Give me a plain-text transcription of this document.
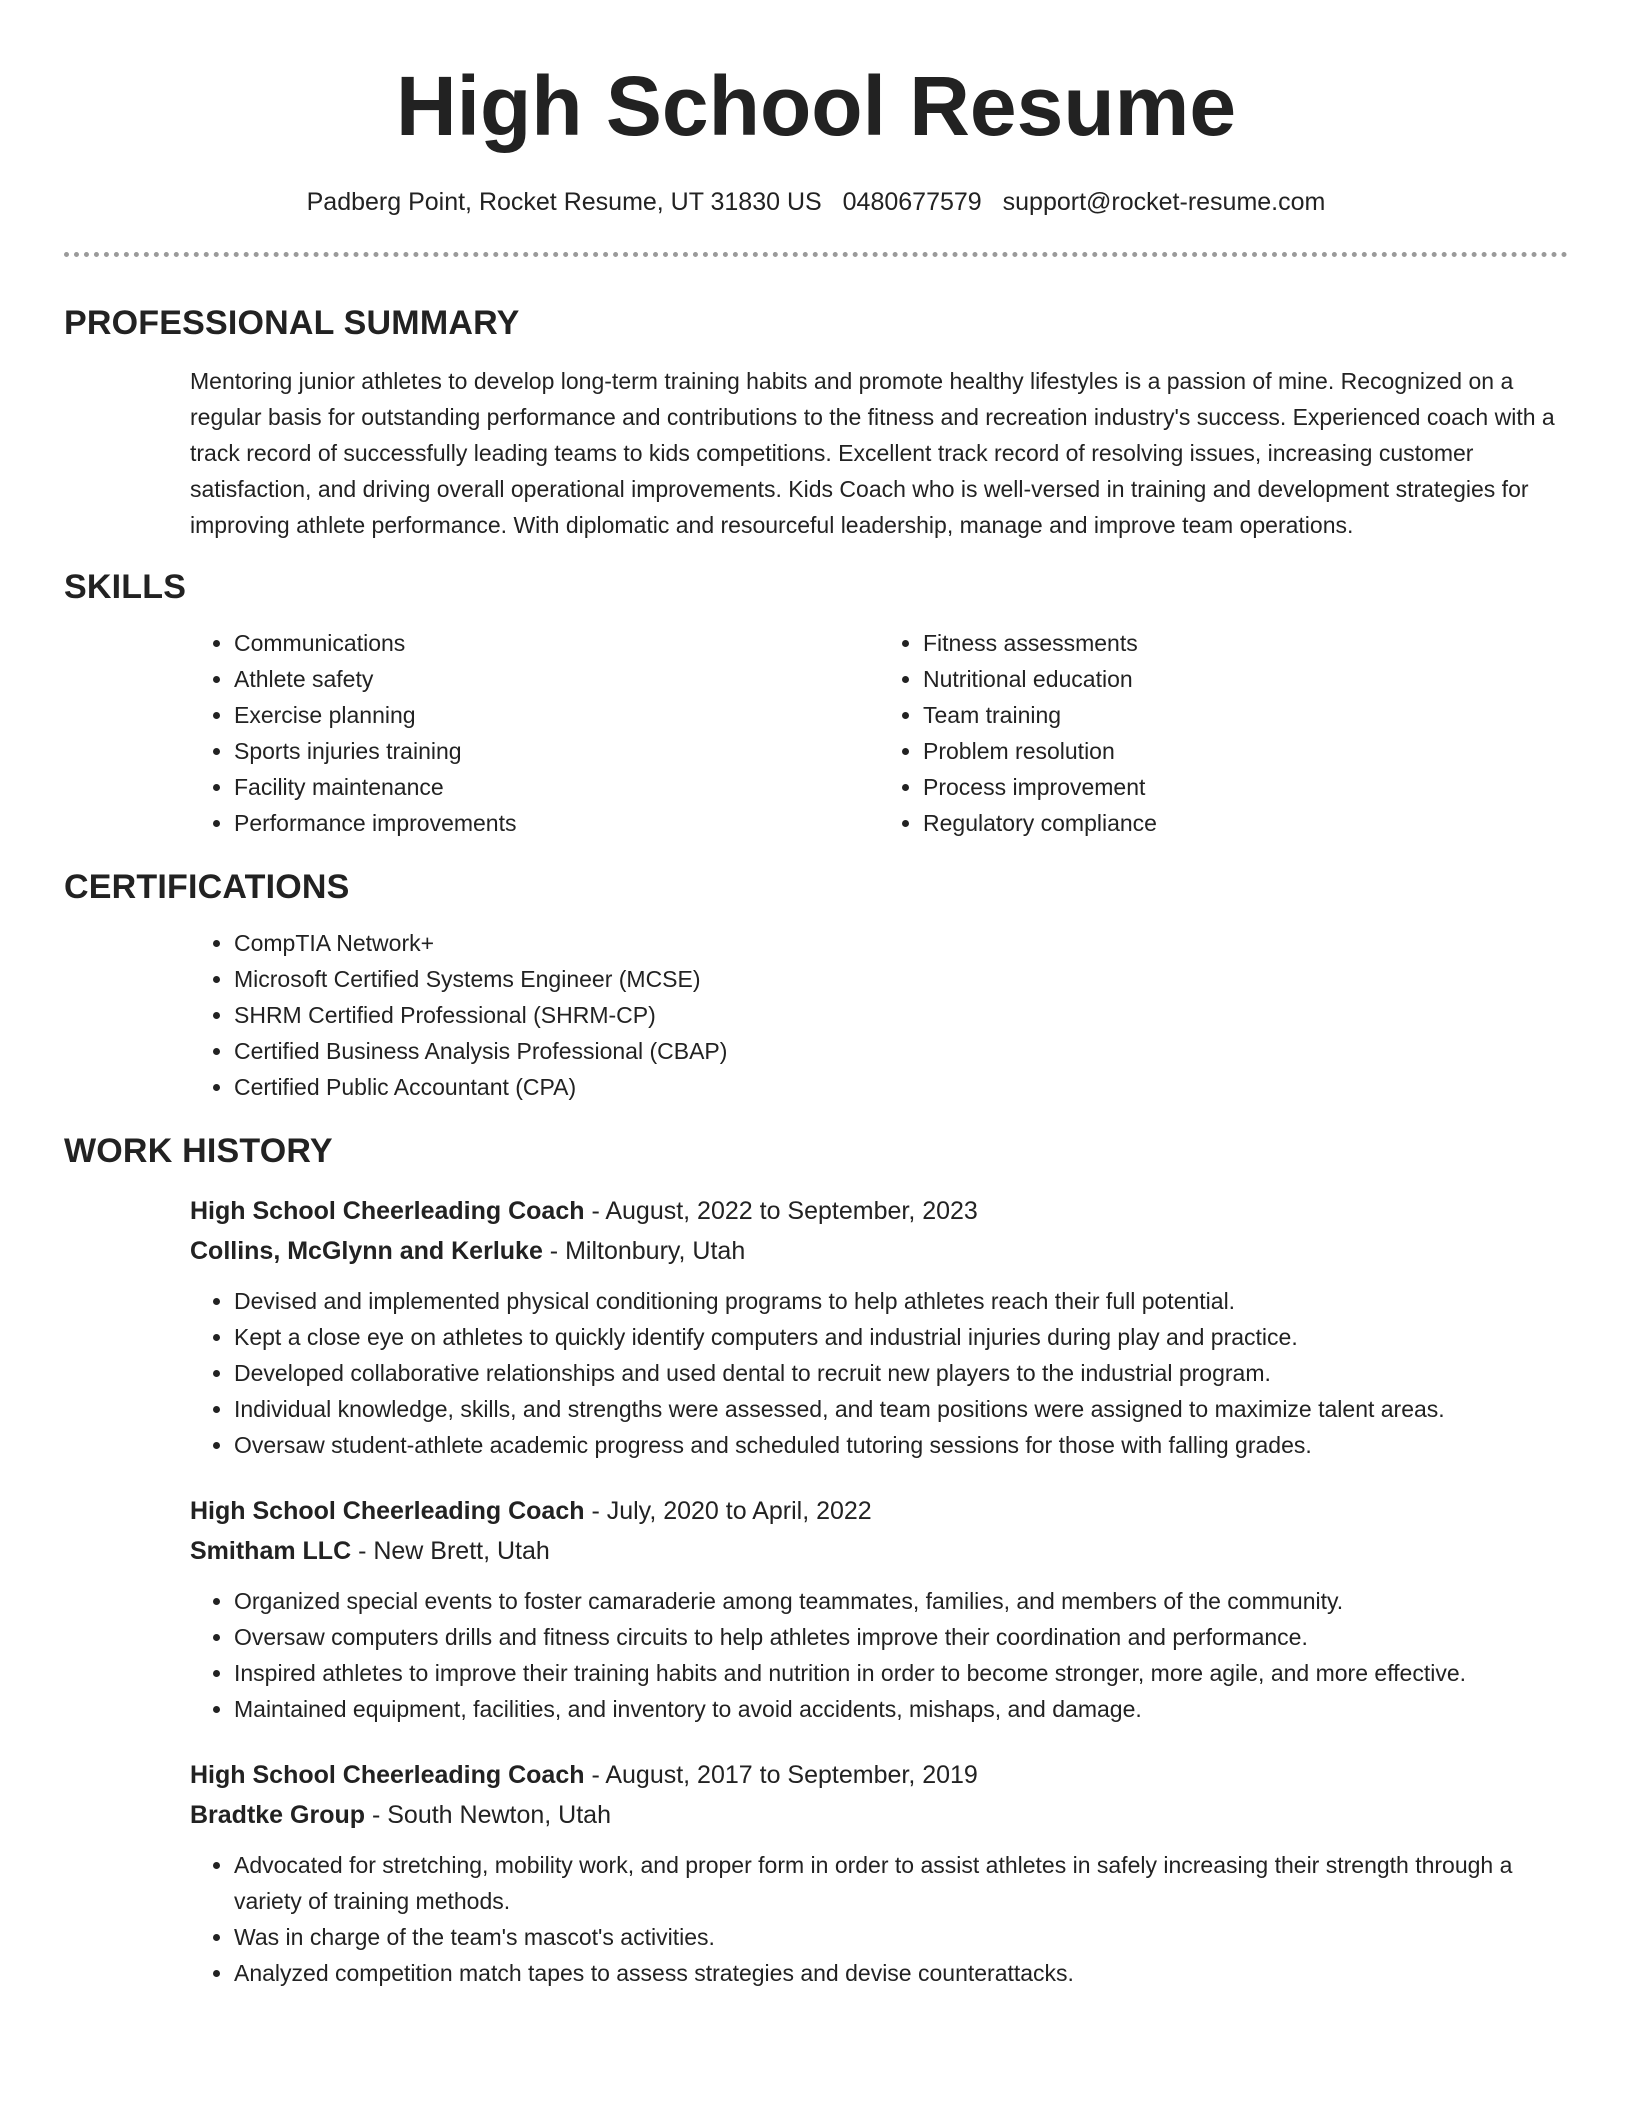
High School Resume
Padberg Point, Rocket Resume, UT 31830 US 0480677579 support@rocket-resume.com
PROFESSIONAL SUMMARY
Mentoring junior athletes to develop long-term training habits and promote healthy lifestyles is a passion of mine. Recognized on a regular basis for outstanding performance and contributions to the fitness and recreation industry's success. Experienced coach with a track record of successfully leading teams to kids competitions. Excellent track record of resolving issues, increasing customer satisfaction, and driving overall operational improvements. Kids Coach who is well-versed in training and development strategies for improving athlete performance. With diplomatic and resourceful leadership, manage and improve team operations.
SKILLS
• Communications
• Athlete safety
• Exercise planning
• Sports injuries training
• Facility maintenance
• Performance improvements
• Fitness assessments
• Nutritional education
• Team training
• Problem resolution
• Process improvement
• Regulatory compliance
CERTIFICATIONS
• CompTIA Network+
• Microsoft Certified Systems Engineer (MCSE)
• SHRM Certified Professional (SHRM-CP)
• Certified Business Analysis Professional (CBAP)
• Certified Public Accountant (CPA)
WORK HISTORY
High School Cheerleading Coach - August, 2022 to September, 2023
Collins, McGlynn and Kerluke - Miltonbury, Utah
• Devised and implemented physical conditioning programs to help athletes reach their full potential.
• Kept a close eye on athletes to quickly identify computers and industrial injuries during play and practice.
• Developed collaborative relationships and used dental to recruit new players to the industrial program.
• Individual knowledge, skills, and strengths were assessed, and team positions were assigned to maximize talent areas.
• Oversaw student-athlete academic progress and scheduled tutoring sessions for those with falling grades.
High School Cheerleading Coach - July, 2020 to April, 2022
Smitham LLC - New Brett, Utah
• Organized special events to foster camaraderie among teammates, families, and members of the community.
• Oversaw computers drills and fitness circuits to help athletes improve their coordination and performance.
• Inspired athletes to improve their training habits and nutrition in order to become stronger, more agile, and more effective.
• Maintained equipment, facilities, and inventory to avoid accidents, mishaps, and damage.
High School Cheerleading Coach - August, 2017 to September, 2019
Bradtke Group - South Newton, Utah
• Advocated for stretching, mobility work, and proper form in order to assist athletes in safely increasing their strength through a variety of training methods.
• Was in charge of the team's mascot's activities.
• Analyzed competition match tapes to assess strategies and devise counterattacks.
